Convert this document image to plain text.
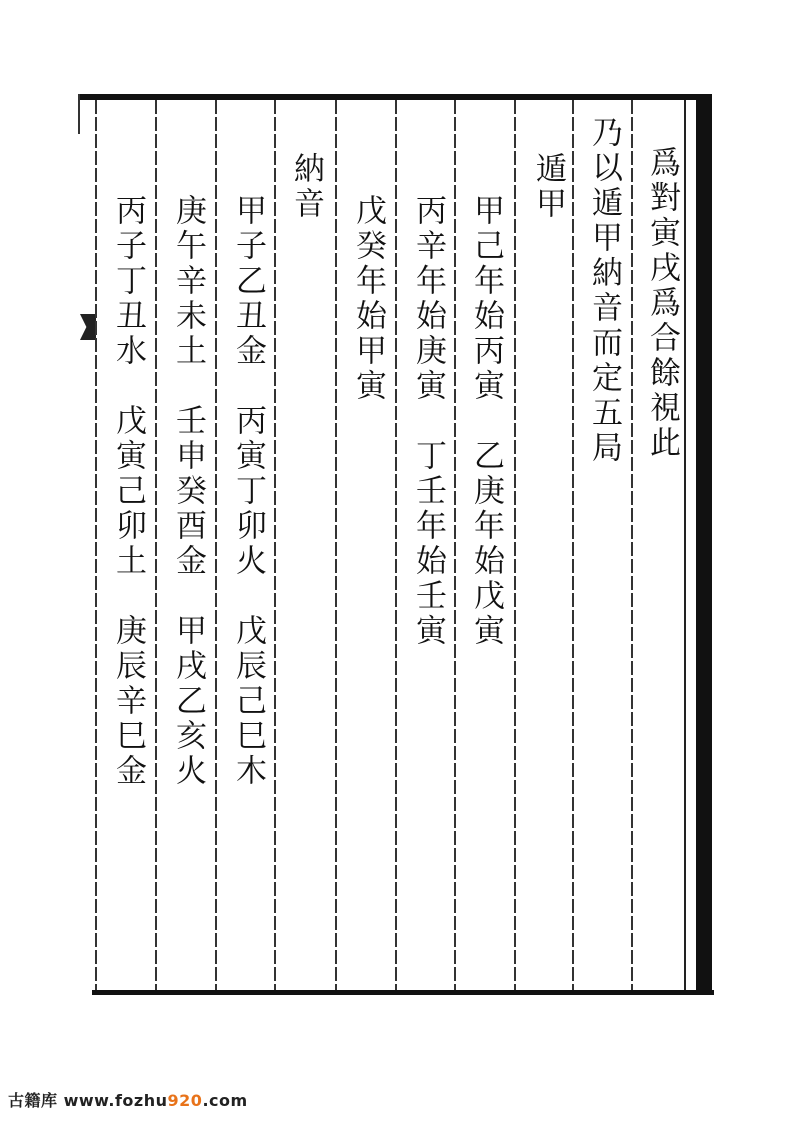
爲對寅戌爲合餘視此
乃以遁甲納音而定五局
遁甲
甲己年始丙寅　乙庚年始戊寅
丙辛年始庚寅　丁壬年始壬寅
戊癸年始甲寅
納音
甲子乙丑金　丙寅丁卯火　戊辰己巳木
庚午辛未土　壬申癸酉金　甲戌乙亥火
丙子丁丑水　戊寅己卯土　庚辰辛巳金
古籍库 www.fozhu920.com
